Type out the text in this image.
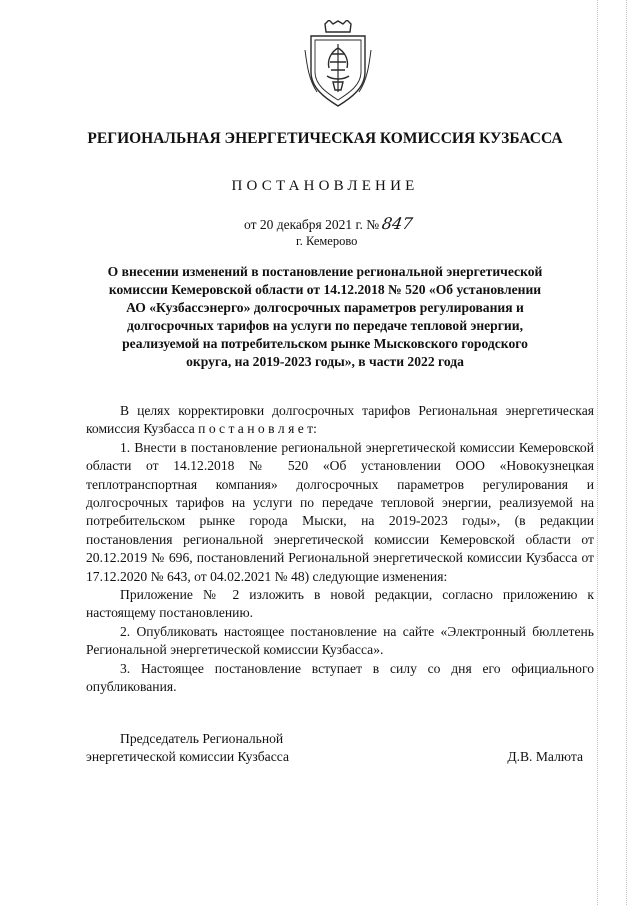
РЕГИОНАЛЬНАЯ ЭНЕРГЕТИЧЕСКАЯ КОМИССИЯ КУЗБАССА
ПОСТАНОВЛЕНИЕ
от 20 декабря 2021 г. № 847
г. Кемерово
О внесении изменений в постановление региональной энергетической комиссии Кемеровской области от 14.12.2018 № 520 «Об установлении АО «Кузбассэнерго» долгосрочных параметров регулирования и долгосрочных тарифов на услуги по передаче тепловой энергии, реализуемой на потребительском рынке Мысковского городского округа, на 2019-2023 годы», в части 2022 года

В целях корректировки долгосрочных тарифов Региональная энергетическая комиссия Кузбасса п о с т а н о в л я е т:

1. Внести в постановление региональной энергетической комиссии Кемеровской области от 14.12.2018 № 520 «Об установлении ООО «Новокузнецкая теплотранспортная компания» долгосрочных параметров регулирования и долгосрочных тарифов на услуги по передаче тепловой энергии, реализуемой на потребительском рынке города Мыски, на 2019-2023 годы», (в редакции постановления региональной энергетической комиссии Кемеровской области от 20.12.2019 № 696, постановлений Региональной энергетической комиссии Кузбасса от 17.12.2020 № 643, от 04.02.2021 № 48) следующие изменения:

Приложение № 2 изложить в новой редакции, согласно приложению к настоящему постановлению.

2. Опубликовать настоящее постановление на сайте «Электронный бюллетень Региональной энергетической комиссии Кузбасса».

3. Настоящее постановление вступает в силу со дня его официального опубликования.

Председатель Региональной
энергетической комиссии Кузбасса	Д.В. Малюта
